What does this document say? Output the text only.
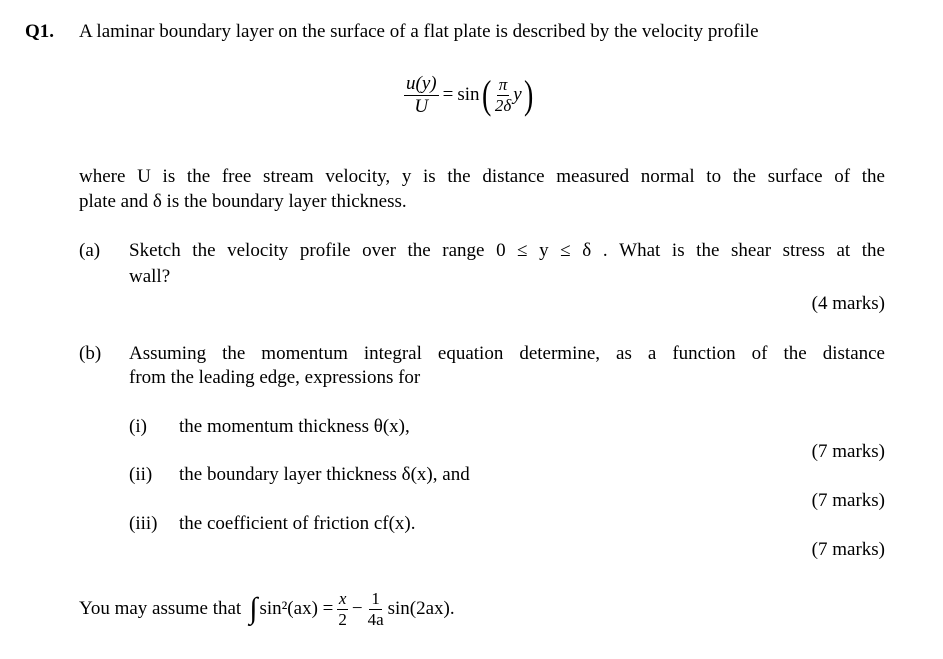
Q1. A laminar boundary layer on the surface of a flat plate is described by the velocity profile
$\frac{u(y)}{U} = \sin$ ( $\frac{\pi}{2\delta}$ y )
where U is the free stream velocity, y is the distance measured normal to the surface of the
plate and δ is the boundary layer thickness.
(a) Sketch the velocity profile over the range 0 ≤ y ≤ δ . What is the shear stress at the
wall?
(4 marks)
(b) Assuming the momentum integral equation determine, as a function of the distance
from the leading edge, expressions for
(i) the momentum thickness θ(x),
(7 marks)
(ii) the boundary layer thickness δ(x), and
(7 marks)
(iii) the coefficient of friction cf(x).
(7 marks)
You may assume that ∫ $\sin^2(ax) = \frac{x}{2} - \frac{1}{4a} \sin(2ax)$.
